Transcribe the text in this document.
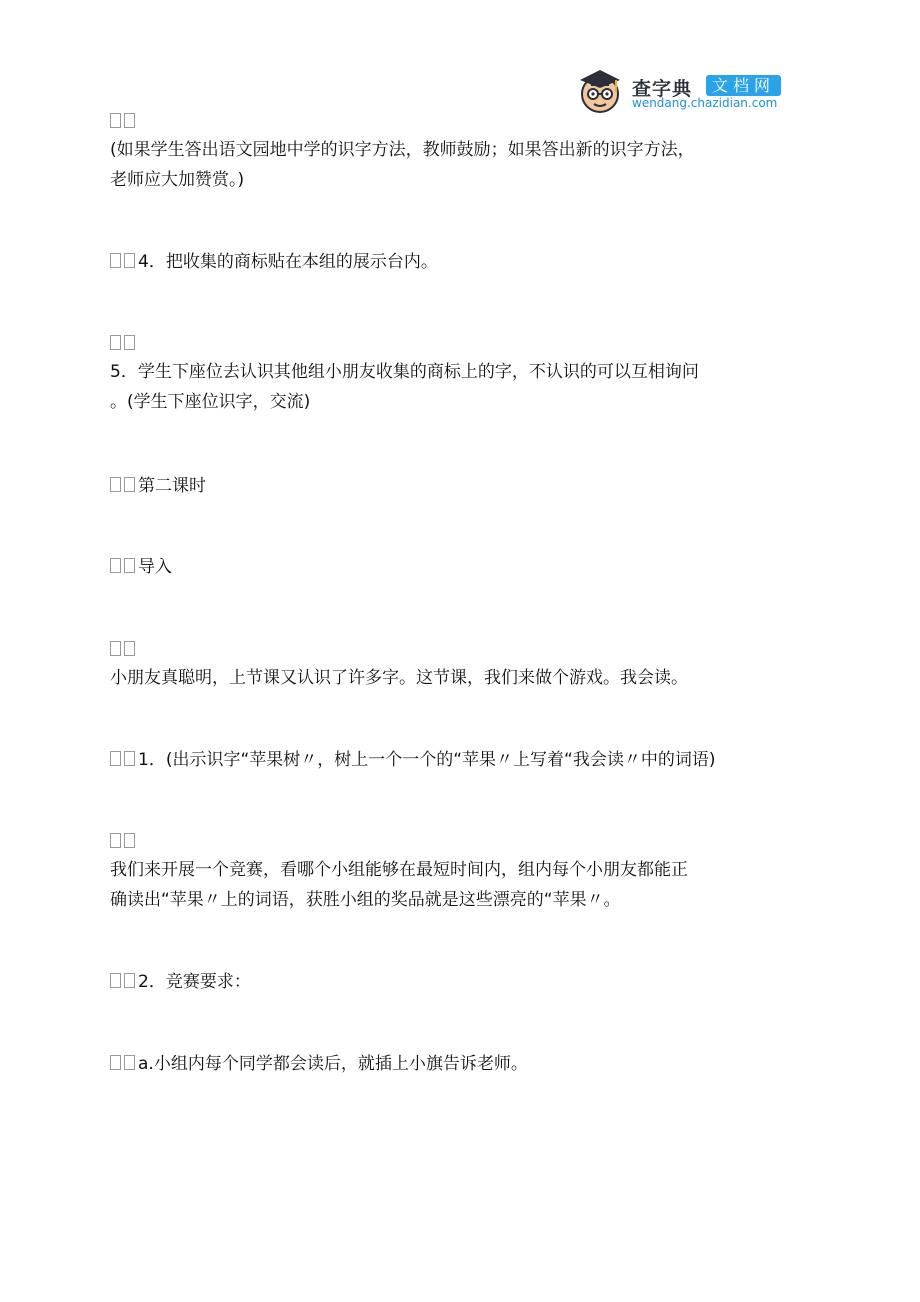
查字典	文档网
wendang.chazidian.com
(如果学生答出语文园地中学的识字方法，教师鼓励；如果答出新的识字方法，
老师应大加赞赏。)
4．把收集的商标贴在本组的展示台内。
5．学生下座位去认识其他组小朋友收集的商标上的字，不认识的可以互相询问
。(学生下座位识字，交流)
第二课时
导入
小朋友真聪明，上节课又认识了许多字。这节课，我们来做个游戏。我会读。
1．(出示识字“苹果树〃，树上一个一个的“苹果〃上写着“我会读〃中的词语)
我们来开展一个竞赛，看哪个小组能够在最短时间内，组内每个小朋友都能正
确读出“苹果〃上的词语，获胜小组的奖品就是这些漂亮的“苹果〃。
2．竞赛要求：
a.小组内每个同学都会读后，就插上小旗告诉老师。
